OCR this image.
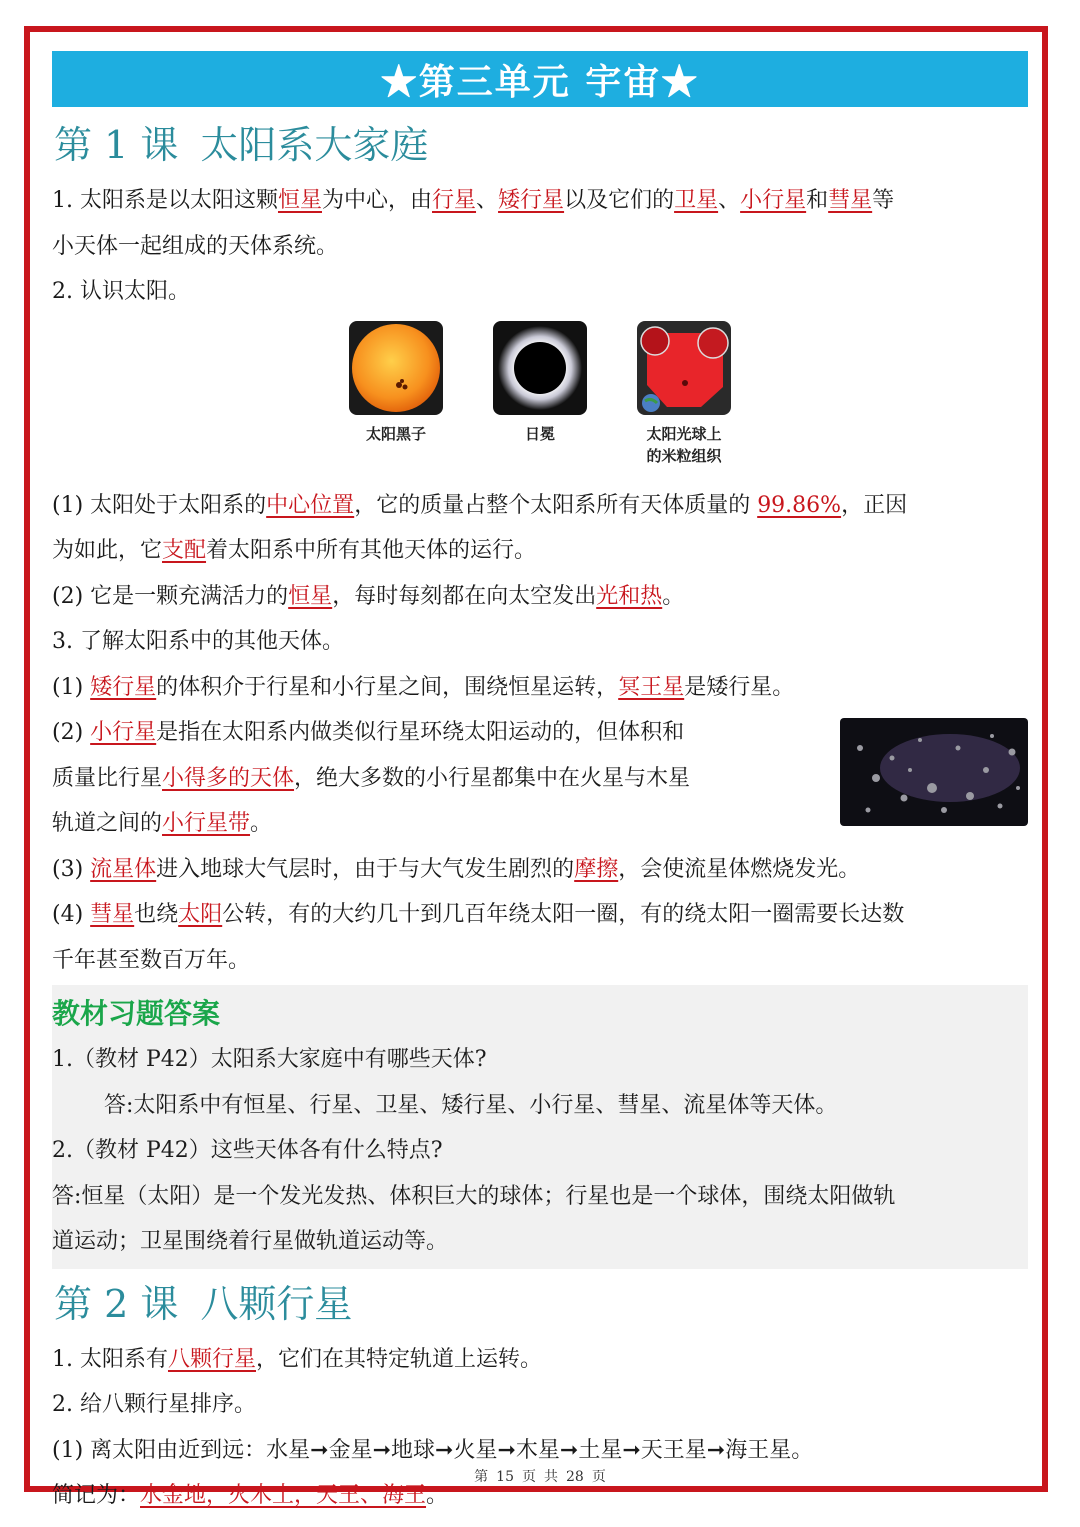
★第三单元 宇宙★
第 1 课 太阳系大家庭

1. 太阳系是以太阳这颗恒星为中心，由行星、矮行星以及它们的卫星、小行星和彗星等

小天体一起组成的天体系统。

2. 认识太阳。

太阳黑子	日冕	太阳光球上
的米粒组织

(1) 太阳处于太阳系的中心位置，它的质量占整个太阳系所有天体质量的 99.86%，正因

为如此，它支配着太阳系中所有其他天体的运行。

(2) 它是一颗充满活力的恒星，每时每刻都在向太空发出光和热。

3. 了解太阳系中的其他天体。

(1) 矮行星的体积介于行星和小行星之间，围绕恒星运转，冥王星是矮行星。

(2) 小行星是指在太阳系内做类似行星环绕太阳运动的，但体积和

质量比行星小得多的天体，绝大多数的小行星都集中在火星与木星

轨道之间的小行星带。

(3) 流星体进入地球大气层时，由于与大气发生剧烈的摩擦，会使流星体燃烧发光。

(4) 彗星也绕太阳公转，有的大约几十到几百年绕太阳一圈，有的绕太阳一圈需要长达数

千年甚至数百万年。

教材习题答案

1.（教材 P42）太阳系大家庭中有哪些天体?

答:太阳系中有恒星、行星、卫星、矮行星、小行星、彗星、流星体等天体。

2.（教材 P42）这些天体各有什么特点?

答:恒星（太阳）是一个发光发热、体积巨大的球体；行星也是一个球体，围绕太阳做轨

道运动；卫星围绕着行星做轨道运动等。

第 2 课 八颗行星

1. 太阳系有八颗行星，它们在其特定轨道上运转。

2. 给八颗行星排序。

(1) 离太阳由近到远：水星➞金星➞地球➞火星➞木星➞土星➞天王星➞海王星。

简记为：水金地，火木土，天王、海王。

第 15 页 共 28 页
